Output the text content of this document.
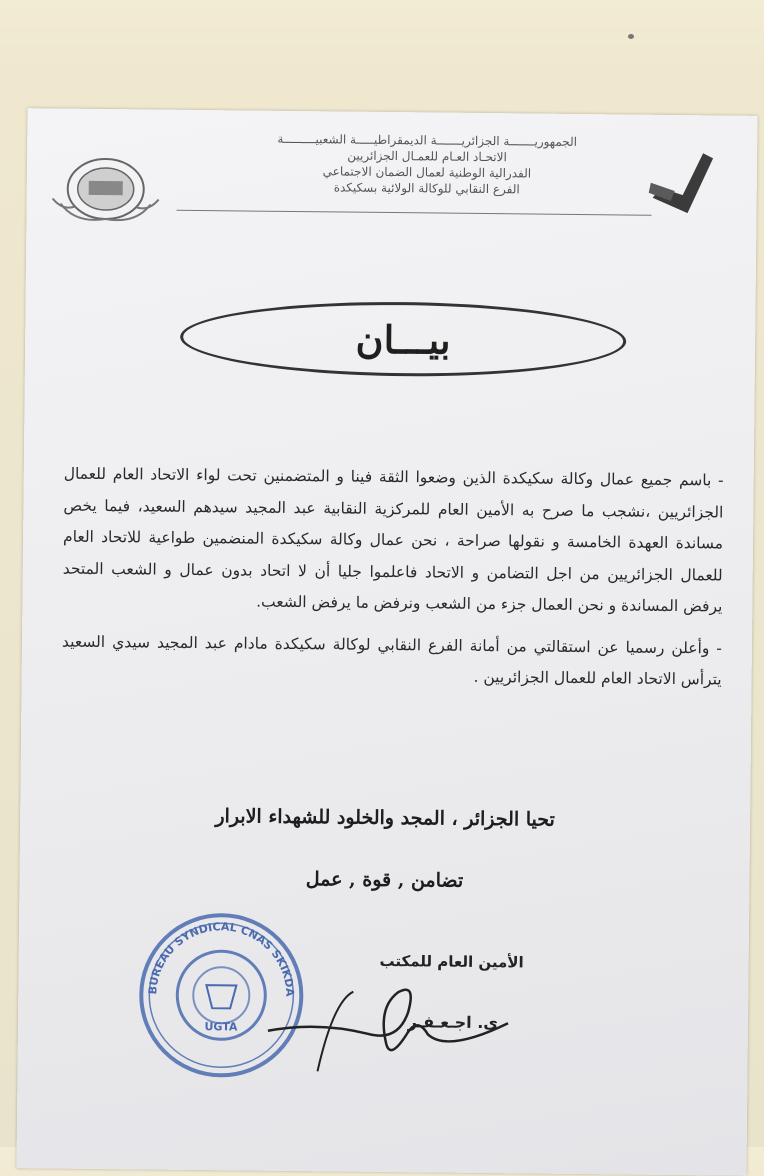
الجمهوريـــــــة الجزائريـــــــة الديمقراطيـــــة الشعبيـــــــــة
الاتحـاد العـام للعمـال الجزائريين
الفدرالية الوطنية لعمال الضمان الاجتماعي
الفرع النقابي للوكالة الولائية بسكيكدة
بيـــان

- باسم جميع عمال وكالة سكيكدة الذين وضعوا الثقة فينا و المتضمنين تحت لواء الاتحاد العام للعمال الجزائريين ،نشجب ما صرح به الأمين العام للمركزية النقابية عبد المجيد سيدهم السعيد، فيما يخص مساندة العهدة الخامسة و نقولها صراحة ، نحن عمال وكالة سكيكدة المنضمين طواعية للاتحاد العام للعمال الجزائريين من اجل التضامن و الاتحاد فاعلموا جليا أن لا اتحاد بدون عمال و الشعب المتحد يرفض المساندة و نحن العمال جزء من الشعب ونرفض ما يرفض الشعب.

- وأعلن رسميا عن استقالتي من أمانة الفرع النقابي لوكالة سكيكدة مادام عبد المجيد سيدي السعيد يترأس الاتحاد العام للعمال الجزائريين .

تحيا الجزائر ، المجد والخلود للشهداء الابرار
تضامن , قوة , عمل
BUREAU SYNDICAL CNAS SKIKDA
UGTA
الأمين العام للمكتب
ي. اجـعـفـر
